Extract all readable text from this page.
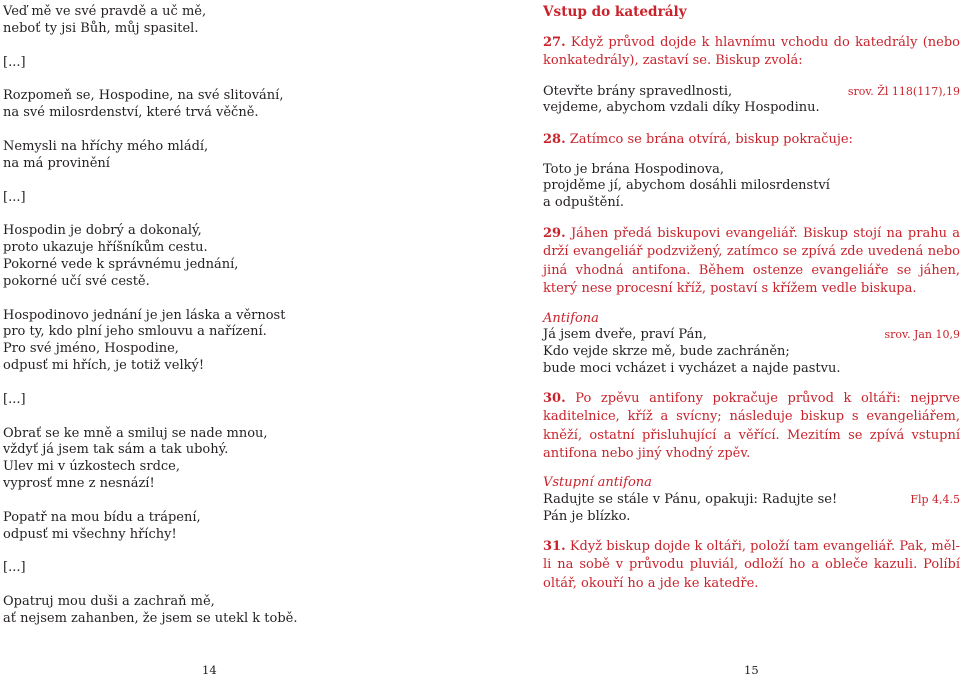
Veď mě ve své pravdě a uč mě,
neboť ty jsi Bůh, můj spasitel.
[...]
Rozpomeň se, Hospodine, na své slitování,
na své milosrdenství, které trvá věčně.
Nemysli na hříchy mého mládí,
na má provinění
[...]
Hospodin je dobrý a dokonalý,
proto ukazuje hříšníkům cestu.
Pokorné vede k správnému jednání,
pokorné učí své cestě.
Hospodinovo jednání je jen láska a věrnost
pro ty, kdo plní jeho smlouvu a nařízení.
Pro své jméno, Hospodine,
odpusť mi hřích, je totiž velký!
[...]
Obrať se ke mně a smiluj se nade mnou,
vždyť já jsem tak sám a tak ubohý.
Ulev mi v úzkostech srdce,
vyprosť mne z nesnází!
Popatř na mou bídu a trápení,
odpusť mi všechny hříchy!
[...]
Opatruj mou duši a zachraň mě,
ať nejsem zahanben, že jsem se utekl k tobě.
14
Vstup do katedrály
27. Když průvod dojde k hlavnímu vchodu do katedrály (nebo konkatedrály), zastaví se. Biskup zvolá:
Otevřte brány spravedlnosti,	srov. Žl 118(117),19
vejdeme, abychom vzdali díky Hospodinu.
28. Zatímco se brána otvírá, biskup pokračuje:
Toto je brána Hospodinova,
projděme jí, abychom dosáhli milosrdenství
a odpuštění.
29. Jáhen předá biskupovi evangeliář. Biskup stojí na prahu a drží evangeliář podzvižený, zatímco se zpívá zde uvedená nebo jiná vhodná antifona. Během ostenze evangeliáře se jáhen, který nese procesní kříž, postaví s křížem vedle biskupa.
Antifona
Já jsem dveře, praví Pán,	srov. Jan 10,9
Kdo vejde skrze mě, bude zachráněn;
bude moci vcházet i vycházet a najde pastvu.
30. Po zpěvu antifony pokračuje průvod k oltáři: nejprve kaditelnice, kříž a svícny; následuje biskup s evangeliářem, kněží, ostatní přisluhující a věřící. Mezitím se zpívá vstupní antifona nebo jiný vhodný zpěv.
Vstupní antifona
Radujte se stále v Pánu, opakuji: Radujte se!	Flp 4,4.5
Pán je blízko.
31. Když biskup dojde k oltáři, položí tam evangeliář. Pak, měl-li na sobě v průvodu pluviál, odloží ho a obleče kazuli. Políbí oltář, okouří ho a jde ke katedře.
15
